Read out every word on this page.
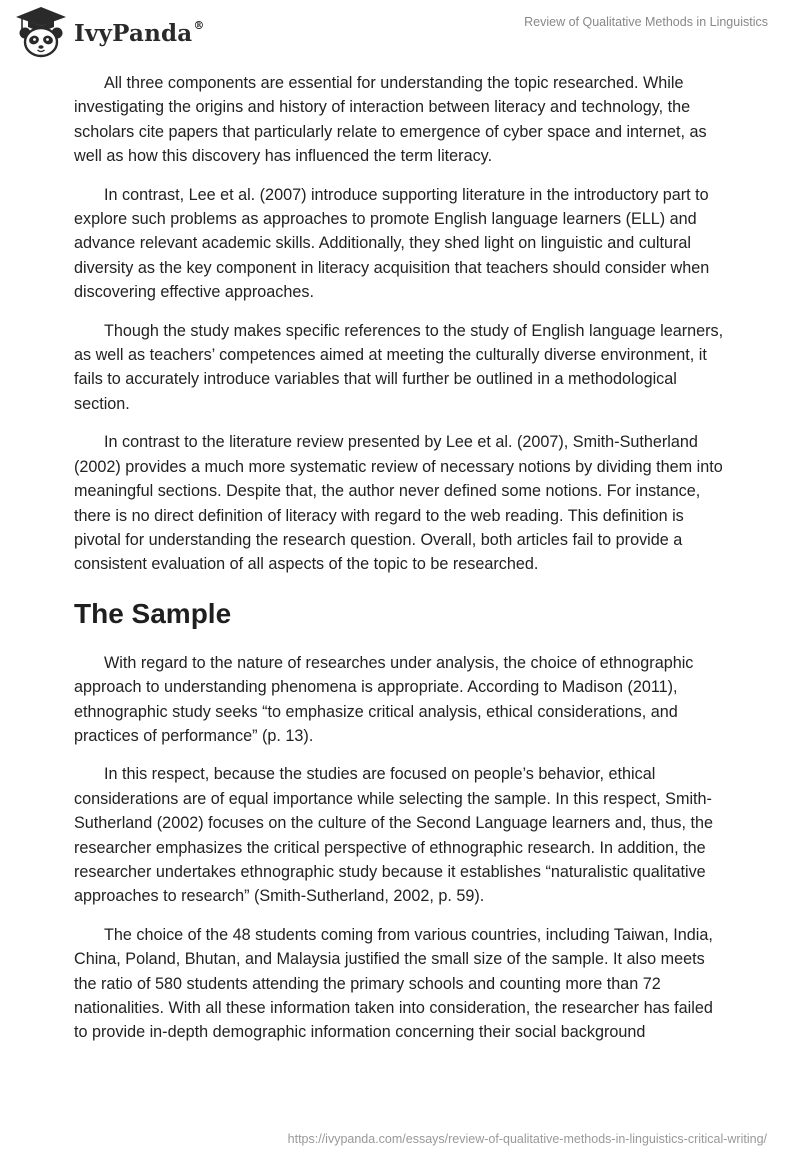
IvyPanda®	Review of Qualitative Methods in Linguistics

All three components are essential for understanding the topic researched. While investigating the origins and history of interaction between literacy and technology, the scholars cite papers that particularly relate to emergence of cyber space and internet, as well as how this discovery has influenced the term literacy.

In contrast, Lee et al. (2007) introduce supporting literature in the introductory part to explore such problems as approaches to promote English language learners (ELL) and advance relevant academic skills. Additionally, they shed light on linguistic and cultural diversity as the key component in literacy acquisition that teachers should consider when discovering effective approaches.

Though the study makes specific references to the study of English language learners, as well as teachers’ competences aimed at meeting the culturally diverse environment, it fails to accurately introduce variables that will further be outlined in a methodological section.

In contrast to the literature review presented by Lee et al. (2007), Smith-Sutherland (2002) provides a much more systematic review of necessary notions by dividing them into meaningful sections. Despite that, the author never defined some notions. For instance, there is no direct definition of literacy with regard to the web reading. This definition is pivotal for understanding the research question. Overall, both articles fail to provide a consistent evaluation of all aspects of the topic to be researched.

The Sample

With regard to the nature of researches under analysis, the choice of ethnographic approach to understanding phenomena is appropriate. According to Madison (2011), ethnographic study seeks “to emphasize critical analysis, ethical considerations, and practices of performance” (p. 13).

In this respect, because the studies are focused on people’s behavior, ethical considerations are of equal importance while selecting the sample. In this respect, Smith-Sutherland (2002) focuses on the culture of the Second Language learners and, thus, the researcher emphasizes the critical perspective of ethnographic research. In addition, the researcher undertakes ethnographic study because it establishes “naturalistic qualitative approaches to research” (Smith-Sutherland, 2002, p. 59).

The choice of the 48 students coming from various countries, including Taiwan, India, China, Poland, Bhutan, and Malaysia justified the small size of the sample. It also meets the ratio of 580 students attending the primary schools and counting more than 72 nationalities. With all these information taken into consideration, the researcher has failed to provide in-depth demographic information concerning their social background

https://ivypanda.com/essays/review-of-qualitative-methods-in-linguistics-critical-writing/
